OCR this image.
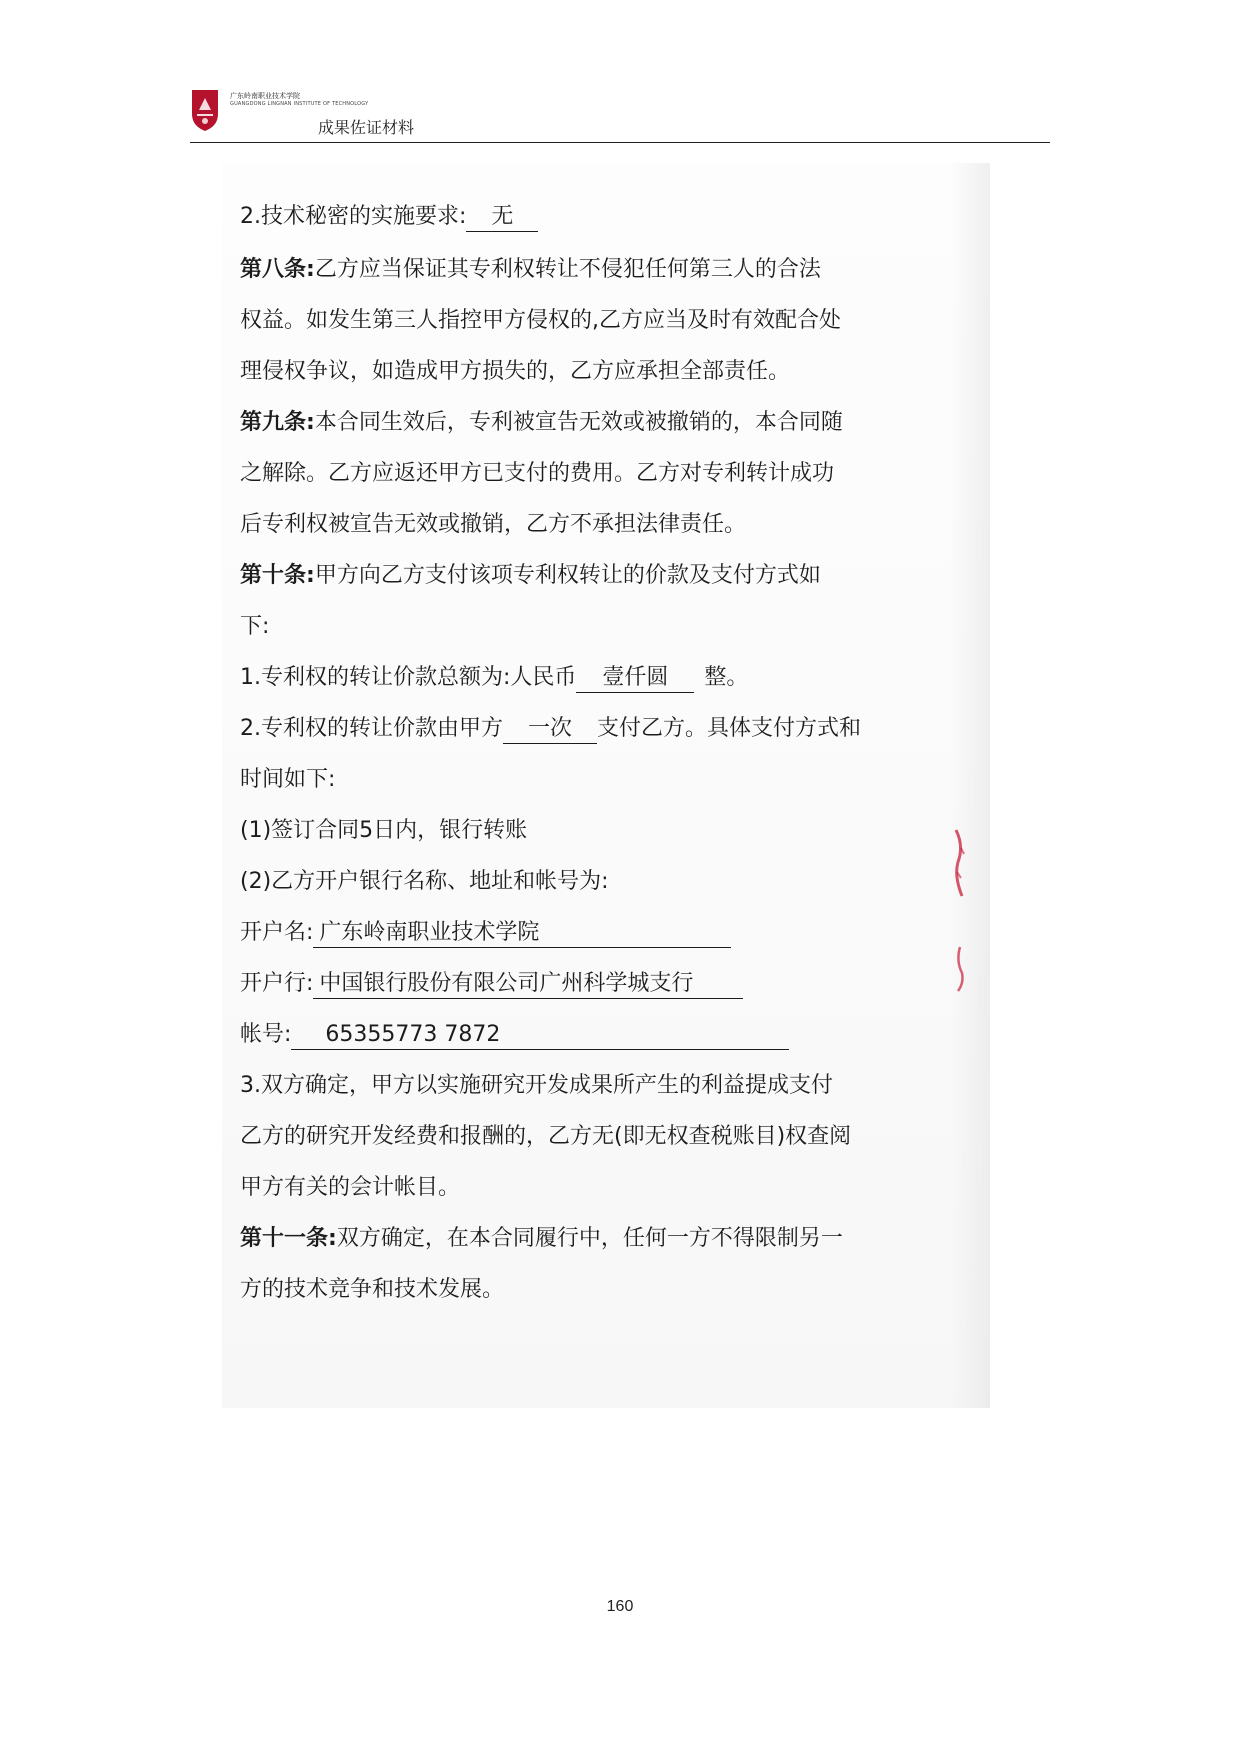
广东岭南职业技术学院
GUANGDONG LINGNAN INSTITUTE OF TECHNOLOGY
成果佐证材料
2.技术秘密的实施要求: 无
第八条:乙方应当保证其专利权转让不侵犯任何第三人的合法
权益。如发生第三人指控甲方侵权的,乙方应当及时有效配合处
理侵权争议，如造成甲方损失的，乙方应承担全部责任。
第九条:本合同生效后，专利被宣告无效或被撤销的，本合同随
之解除。乙方应返还甲方已支付的费用。乙方对专利转计成功
后专利权被宣告无效或撤销，乙方不承担法律责任。
第十条:甲方向乙方支付该项专利权转让的价款及支付方式如
下:
1.专利权的转让价款总额为:人民币 壹仟圆 整。
2.专利权的转让价款由甲方 一次 支付乙方。具体支付方式和
时间如下:
(1)签订合同5日内，银行转账
(2)乙方开户银行名称、地址和帐号为:
开户名: 广东岭南职业技术学院
开户行: 中国银行股份有限公司广州科学城支行
帐号: 65355773 7872
3.双方确定，甲方以实施研究开发成果所产生的利益提成支付
乙方的研究开发经费和报酬的，乙方无(即无权查税账目)权查阅
甲方有关的会计帐目。
第十一条:双方确定，在本合同履行中，任何一方不得限制另一
方的技术竞争和技术发展。
160
